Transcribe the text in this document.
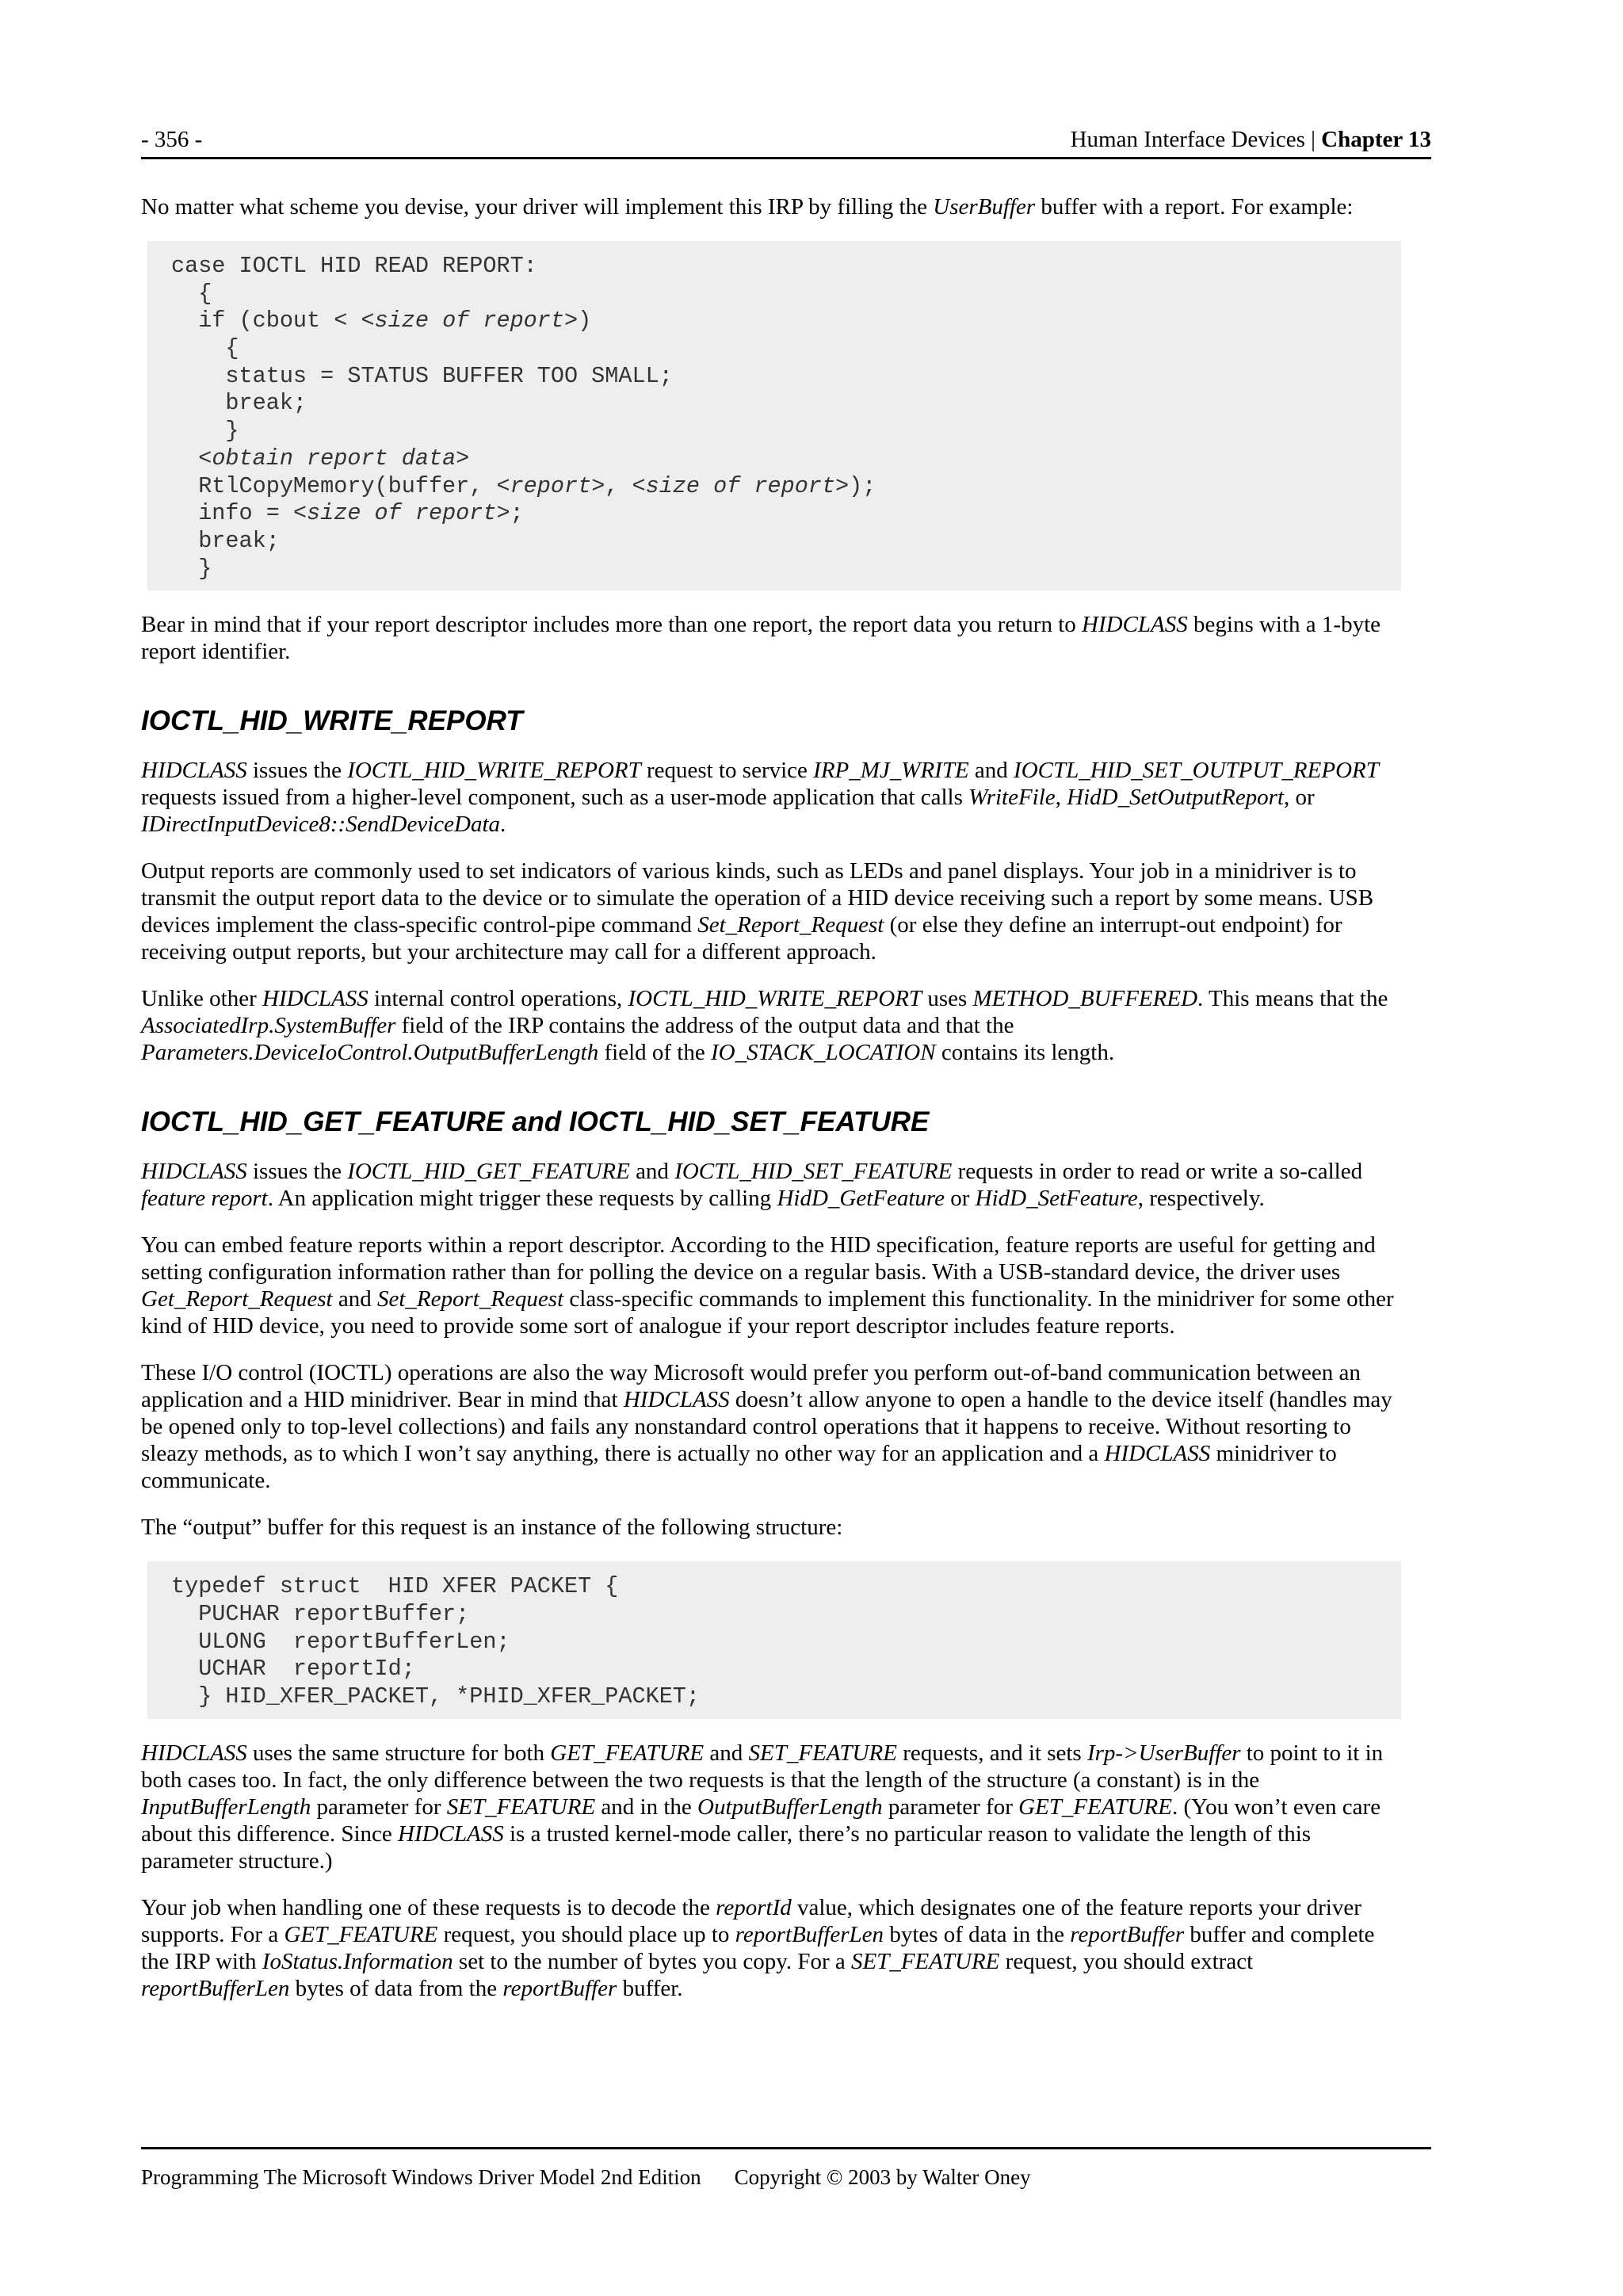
- 356 -	Human Interface Devices | Chapter 13

No matter what scheme you devise, your driver will implement this IRP by filling the UserBuffer buffer with a report. For example:

case IOCTL HID READ REPORT:
{
if (cbout < <size of report>)
{
status = STATUS BUFFER TOO SMALL;
break;
}
<obtain report data>
RtlCopyMemory(buffer, <report>, <size of report>);
info = <size of report>;
break;
}

Bear in mind that if your report descriptor includes more than one report, the report data you return to HIDCLASS begins with a 1-byte report identifier.

IOCTL_HID_WRITE_REPORT

HIDCLASS issues the IOCTL_HID_WRITE_REPORT request to service IRP_MJ_WRITE and IOCTL_HID_SET_OUTPUT_REPORT requests issued from a higher-level component, such as a user-mode application that calls WriteFile, HidD_SetOutputReport, or IDirectInputDevice8::SendDeviceData.

Output reports are commonly used to set indicators of various kinds, such as LEDs and panel displays. Your job in a minidriver is to transmit the output report data to the device or to simulate the operation of a HID device receiving such a report by some means. USB devices implement the class-specific control-pipe command Set_Report_Request (or else they define an interrupt-out endpoint) for receiving output reports, but your architecture may call for a different approach.

Unlike other HIDCLASS internal control operations, IOCTL_HID_WRITE_REPORT uses METHOD_BUFFERED. This means that the AssociatedIrp.SystemBuffer field of the IRP contains the address of the output data and that the Parameters.DeviceIoControl.OutputBufferLength field of the IO_STACK_LOCATION contains its length.

IOCTL_HID_GET_FEATURE and IOCTL_HID_SET_FEATURE

HIDCLASS issues the IOCTL_HID_GET_FEATURE and IOCTL_HID_SET_FEATURE requests in order to read or write a so-called feature report. An application might trigger these requests by calling HidD_GetFeature or HidD_SetFeature, respectively.

You can embed feature reports within a report descriptor. According to the HID specification, feature reports are useful for getting and setting configuration information rather than for polling the device on a regular basis. With a USB-standard device, the driver uses Get_Report_Request and Set_Report_Request class-specific commands to implement this functionality. In the minidriver for some other kind of HID device, you need to provide some sort of analogue if your report descriptor includes feature reports.

These I/O control (IOCTL) operations are also the way Microsoft would prefer you perform out-of-band communication between an application and a HID minidriver. Bear in mind that HIDCLASS doesn’t allow anyone to open a handle to the device itself (handles may be opened only to top-level collections) and fails any nonstandard control operations that it happens to receive. Without resorting to sleazy methods, as to which I won’t say anything, there is actually no other way for an application and a HIDCLASS minidriver to communicate.

The “output” buffer for this request is an instance of the following structure:

typedef struct  HID XFER PACKET {
PUCHAR reportBuffer;
ULONG  reportBufferLen;
UCHAR  reportId;
} HID_XFER_PACKET, *PHID_XFER_PACKET;

HIDCLASS uses the same structure for both GET_FEATURE and SET_FEATURE requests, and it sets Irp->UserBuffer to point to it in both cases too. In fact, the only difference between the two requests is that the length of the structure (a constant) is in the InputBufferLength parameter for SET_FEATURE and in the OutputBufferLength parameter for GET_FEATURE. (You won’t even care about this difference. Since HIDCLASS is a trusted kernel-mode caller, there’s no particular reason to validate the length of this parameter structure.)

Your job when handling one of these requests is to decode the reportId value, which designates one of the feature reports your driver supports. For a GET_FEATURE request, you should place up to reportBufferLen bytes of data in the reportBuffer buffer and complete the IRP with IoStatus.Information set to the number of bytes you copy. For a SET_FEATURE request, you should extract reportBufferLen bytes of data from the reportBuffer buffer.

Programming The Microsoft Windows Driver Model 2nd Edition Copyright © 2003 by Walter Oney
